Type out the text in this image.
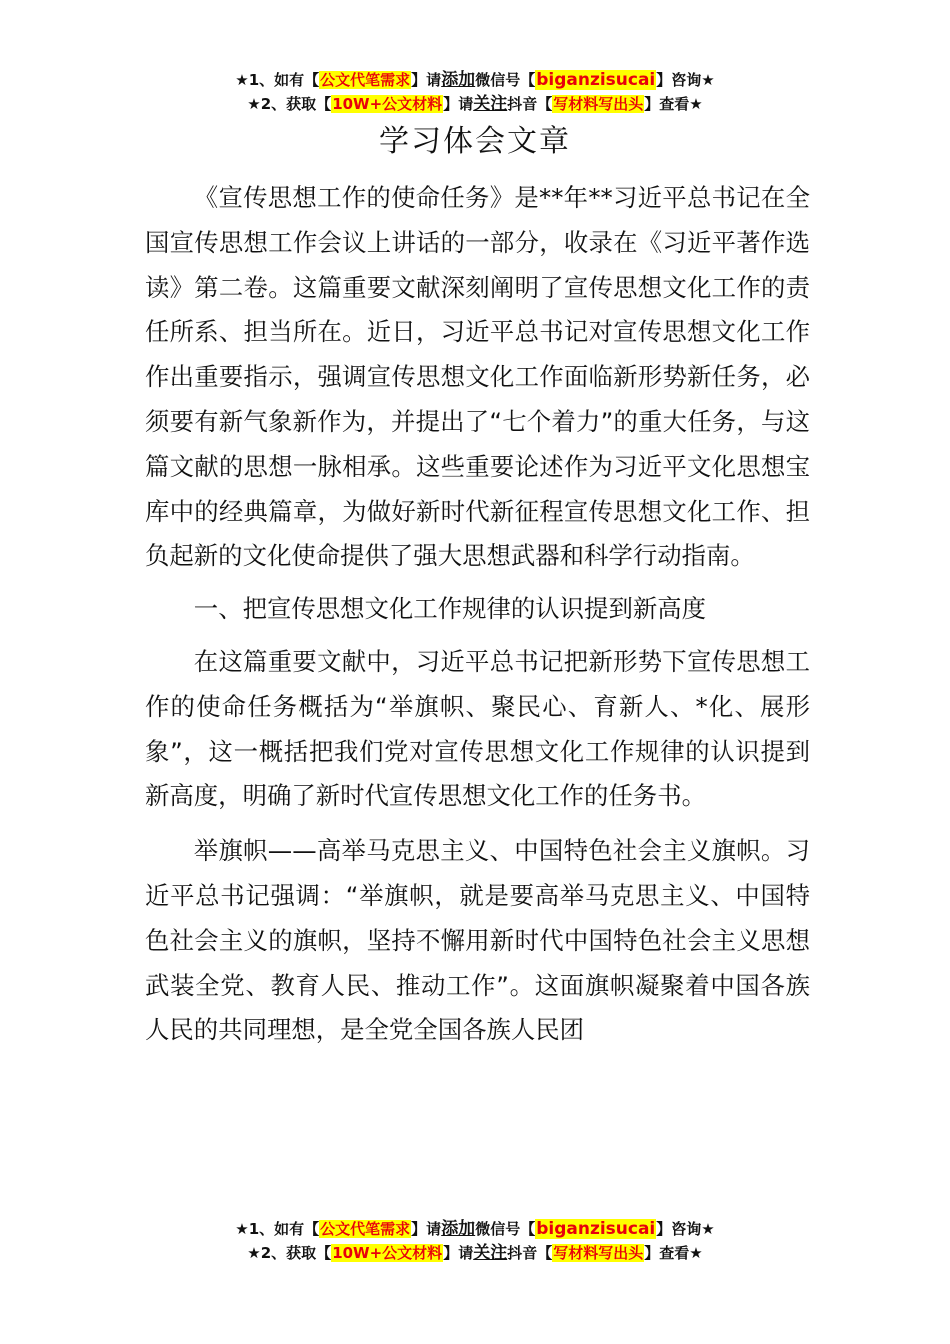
★1、如有【公文代笔需求】请添加微信号【biganzisucai】咨询★
★2、获取【10W+公文材料】请关注抖音【写材料写出头】查看★
学习体会文章

《宣传思想工作的使命任务》是**年**习近平总书记在全国宣传思想工作会议上讲话的一部分，收录在《习近平著作选读》第二卷。这篇重要文献深刻阐明了宣传思想文化工作的责任所系、担当所在。近日，习近平总书记对宣传思想文化工作作出重要指示，强调宣传思想文化工作面临新形势新任务，必须要有新气象新作为，并提出了“七个着力”的重大任务，与这篇文献的思想一脉相承。这些重要论述作为习近平文化思想宝库中的经典篇章，为做好新时代新征程宣传思想文化工作、担负起新的文化使命提供了强大思想武器和科学行动指南。

一、把宣传思想文化工作规律的认识提到新高度

在这篇重要文献中，习近平总书记把新形势下宣传思想工作的使命任务概括为“举旗帜、聚民心、育新人、*化、展形象”，这一概括把我们党对宣传思想文化工作规律的认识提到新高度，明确了新时代宣传思想文化工作的任务书。

举旗帜——高举马克思主义、中国特色社会主义旗帜。习近平总书记强调：“举旗帜，就是要高举马克思主义、中国特色社会主义的旗帜，坚持不懈用新时代中国特色社会主义思想武装全党、教育人民、推动工作”。这面旗帜凝聚着中国各族人民的共同理想，是全党全国各族人民团

★1、如有【公文代笔需求】请添加微信号【biganzisucai】咨询★
★2、获取【10W+公文材料】请关注抖音【写材料写出头】查看★
